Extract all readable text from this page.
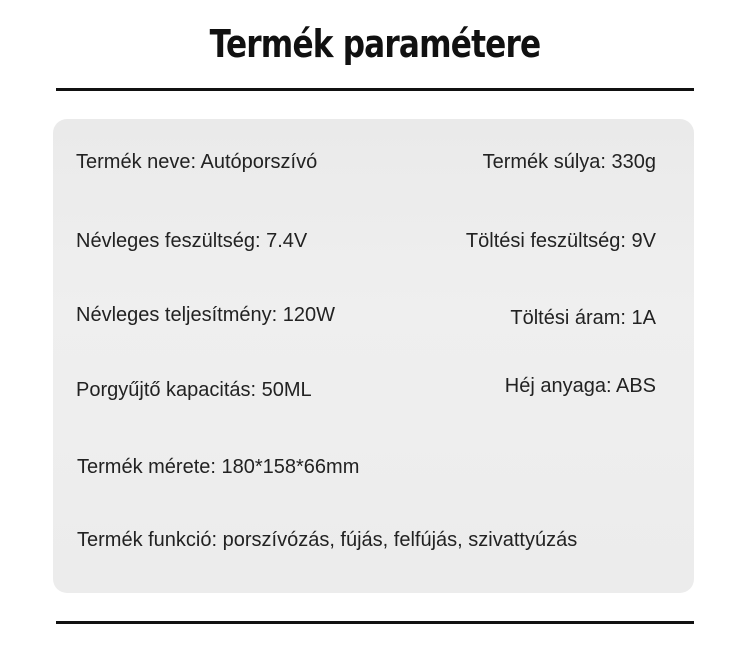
Termék paramétere
Termék neve: Autóporszívó	Termék súlya: 330g
Névleges feszültség: 7.4V	Töltési feszültség: 9V
Névleges teljesítmény: 120W	Töltési áram: 1A
Porgyűjtő kapacitás: 50ML	Héj anyaga: ABS
Termék mérete: 180*158*66mm
Termék funkció: porszívózás, fújás, felfújás, szivattyúzás
